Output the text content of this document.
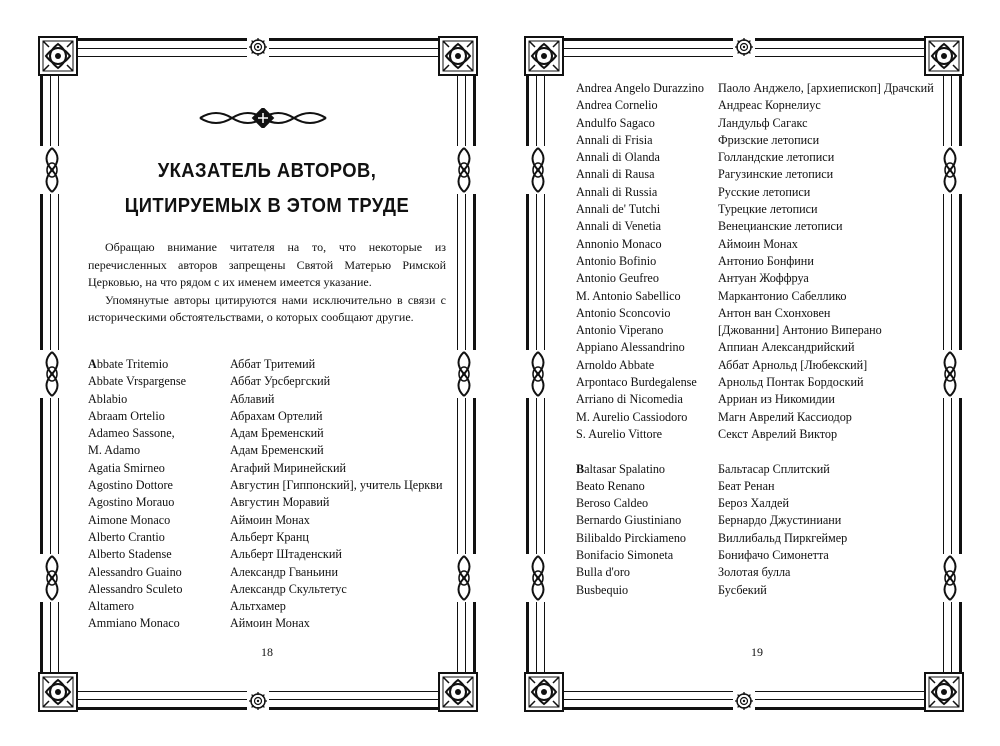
УКАЗАТЕЛЬ АВТОРОВ,
ЦИТИРУЕМЫХ В ЭТОМ ТРУДЕ

Обращаю внимание читателя на то, что некоторые из перечисленных авторов запрещены Святой Матерью Римской Церковью, на что рядом с их именем имеется указание.

Упомянутые авторы цитируются нами исключительно в связи с историческими обстоятельствами, о которых сообщают другие.

Abbate Tritemio	Аббат Тритемий
Abbate Vrspargense	Аббат Урсбергский
Ablabio	Аблавий
Abraam Ortelio	Абрахам Ортелий
Adameo Sassone,	Адам Бременский
M. Adamo	Адам Бременский
Agatia Smirneo	Агафий Миринейский
Agostino Dottore	Августин [Гиппонский], учитель Церкви
Agostino Morauo	Августин Моравий
Aimone Monaco	Аймоин Монах
Alberto Crantio	Альберт Кранц
Alberto Stadense	Альберт Штаденский
Alessandro Guaino	Александр Гваньини
Alessandro Sculeto	Александр Скультетус
Altamero	Альтхамер
Ammiano Monaco	Аймоин Монах
18
Andrea Angelo Durazzino	Паоло Анджело, [архиепископ] Драчский
Andrea Cornelio	Андреас Корнелиус
Andulfo Sagaco	Ландульф Сагакс
Annali di Frisia	Фризские летописи
Annali di Olanda	Голландские летописи
Annali di Rausa	Рагузинские летописи
Annali di Russia	Русские летописи
Annali de' Tutchi	Турецкие летописи
Annali di Venetia	Венецианские летописи
Annonio Monaco	Аймоин Монах
Antonio Bofinio	Антонио Бонфини
Antonio Geufreo	Антуан Жоффруа
M. Antonio Sabellico	Маркантонио Сабеллико
Antonio Sconcovio	Антон ван Схонховен
Antonio Viperano	[Джованни] Антонио Виперано
Appiano Alessandrino	Аппиан Александрийский
Arnoldo Abbate	Аббат Арнольд [Любекский]
Arpontaco Burdegalense	Арнольд Понтак Бордоский
Arriano di Nicomedia	Арриан из Никомидии
M. Aurelio Cassiodoro	Магн Аврелий Кассиодор
S. Aurelio Vittore	Секст Аврелий Виктор
Baltasar Spalatino	Бальтасар Сплитский
Beato Renano	Беат Ренан
Beroso Caldeo	Бероз Халдей
Bernardo Giustiniano	Бернардо Джустиниани
Bilibaldo Pirckiameno	Виллибальд Пиркгеймер
Bonifacio Simoneta	Бонифачо Симонетта
Bulla d'oro	Золотая булла
Busbequio	Бусбекий
19
